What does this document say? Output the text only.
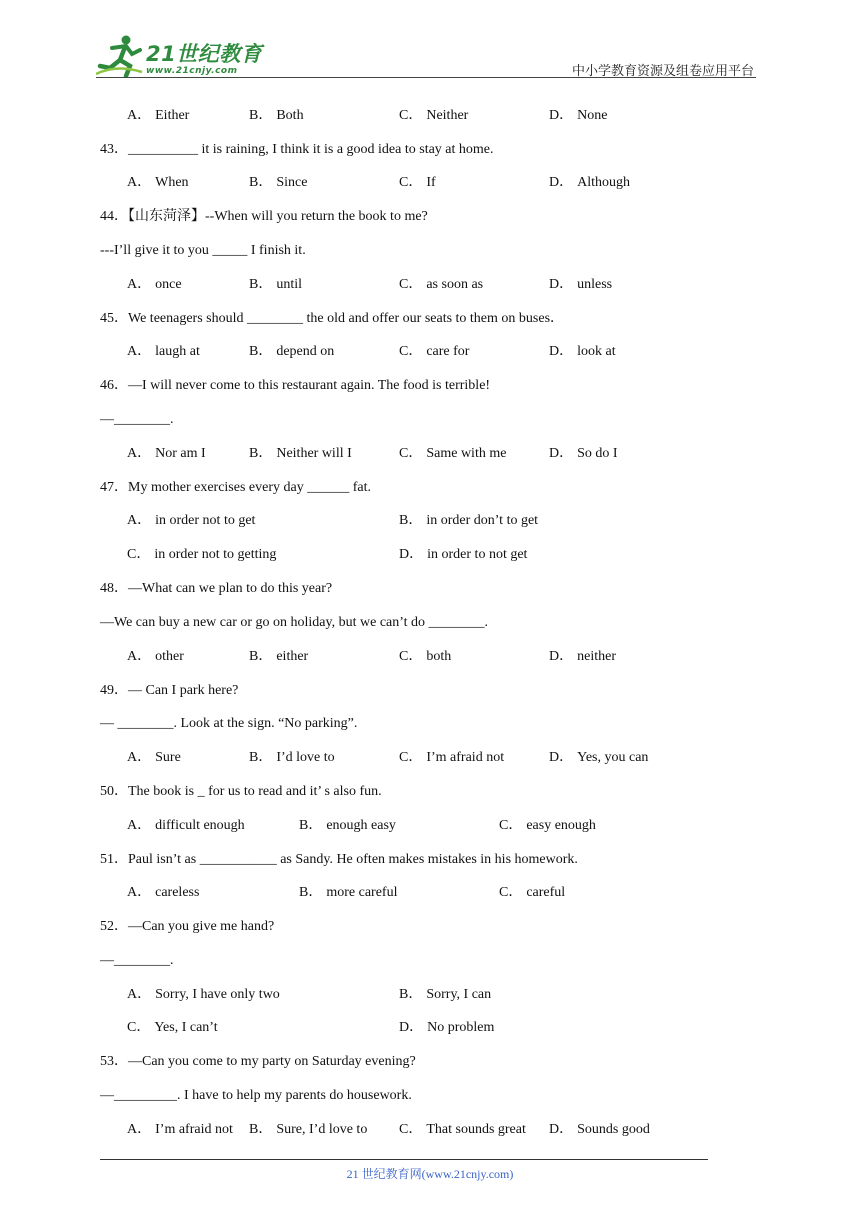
21世纪教育
www.21cnjy.com	中小学教育资源及组卷应用平台
A． Either	B． Both	C． Neither	D． None
43．__________ it is raining, I think it is a good idea to stay at home.
A． When	B． Since	C． If	D． Although
44．【山东菏泽】--When will you return the book to me?
---I’ll give it to you _____ I finish it.
A． once	B． until	C． as soon as	D． unless
45．We teenagers should ________ the old and offer our seats to them on buses．
A． laugh at	B． depend on	C． care for	D． look at
46．—I will never come to this restaurant again. The food is terrible!
—________.
A． Nor am I	B． Neither will I	C． Same with me	D． So do I
47．My mother exercises every day ______ fat.
A． in order not to get	B． in order don’t to get
C． in order not to getting	D． in order to not get
48．—What can we plan to do this year?
—We can buy a new car or go on holiday, but we can’t do ________.
A． other	B． either	C． both	D． neither
49．— Can I park here?
— ________. Look at the sign. “No parking”.
A． Sure	B． I’d love to	C． I’m afraid not	D． Yes, you can
50．The book is _ for us to read and it’ s also fun.
A． difficult enough	B． enough easy	C． easy enough
51．Paul isn’t as ___________ as Sandy. He often makes mistakes in his homework.
A． careless	B． more careful	C． careful
52．—Can you give me hand?
—________.
A． Sorry, I have only two	B． Sorry, I can
C． Yes, I can’t	D． No problem
53．—Can you come to my party on Saturday evening?
—_________. I have to help my parents do housework.
A． I’m afraid not B． Sure, I’d love to C． That sounds great D． Sounds good
21 世纪教育网(www.21cnjy.com)
